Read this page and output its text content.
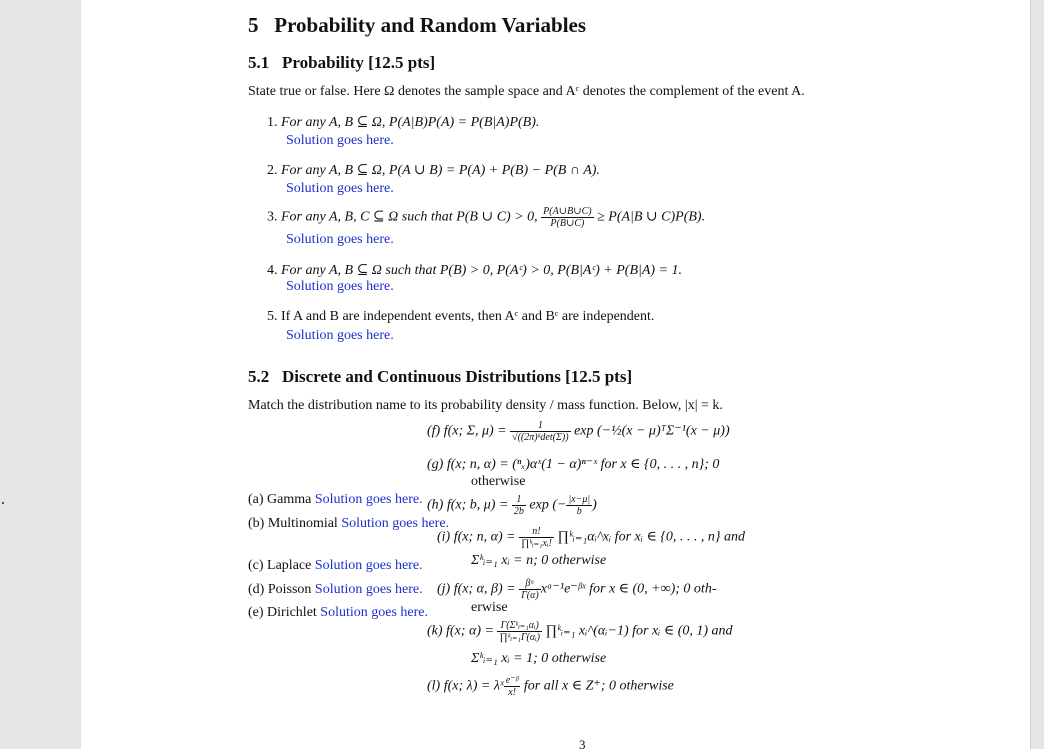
5 Probability and Random Variables
5.1 Probability [12.5 pts]
State true or false. Here Ω denotes the sample space and Aᶜ denotes the complement of the event A.
1. For any A, B ⊆ Ω, P(A|B)P(A) = P(B|A)P(B).
Solution goes here.
2. For any A, B ⊆ Ω, P(A ∪ B) = P(A) + P(B) − P(B ∩ A).
Solution goes here.
3. For any A, B, C ⊆ Ω such that P(B ∪ C) > 0, $\frac{P(A\cup B\cup C)}{P(B\cup C)} \ge P(A|B$ ∪ C)P(B).
Solution goes here.
4. For any A, B ⊆ Ω such that P(B) > 0, P(Aᶜ) > 0, P(B|Aᶜ) + P(B|A) = 1.
Solution goes here.
5. If A and B are independent events, then Aᶜ and Bᶜ are independent.
Solution goes here.
5.2 Discrete and Continuous Distributions [12.5 pts]
Match the distribution name to its probability density / mass function. Below, |x| = k.
(f) f(x; Σ, $\mu) = \frac{1}{\text{√((2π)ᵏdet(Σ))}}$ exp (−½(x − μ)ᵀΣ⁻¹(x − μ))
(g) f(x; n, α) = (ⁿₓ)αˣ(1 − α)ⁿ⁻ˣ for x ∈ {0, . . . , n}; 0
otherwise
(h) f(x; b, $\mu) = \frac{1}{2b}$ exp (− $\frac{|x-\mu|}{b}$ )
(a) Gamma Solution goes here.
(b) Multinomial Solution goes here.
(i) f(x; n, $\alpha) = \frac{n!}{\text{∏ᵏᵢ₌₁xᵢ!}}$ ∏ᵏᵢ₌₁αᵢ^xᵢ for xᵢ ∈ {0, . . . , n} and
Σᵏᵢ₌₁ xᵢ = n; 0 otherwise
(c) Laplace Solution goes here.
(j) f(x; α, $\beta) = \frac{\text{βᵅ}}{\Gamma(\alpha)}$ xᵅ⁻¹e⁻ᵝˣ for x ∈ (0, +∞); 0 oth-
(d) Poisson Solution goes here.
erwise
(e) Dirichlet Solution goes here.
(k) f(x; $\alpha) = \frac{\text{Γ(Σᵏᵢ₌₁αᵢ)}}{\text{∏ᵏᵢ₌₁Γ(αᵢ)}}$ ∏ᵏᵢ₌₁ xᵢ^(αᵢ−1) for xᵢ ∈ (0, 1) and
Σᵏᵢ₌₁ xᵢ = 1; 0 otherwise
(l) f(x; λ) = λˣ $\frac{\text{e⁻ᵝ}}{x!}$ for all x ∈ Z⁺; 0 otherwise
3
